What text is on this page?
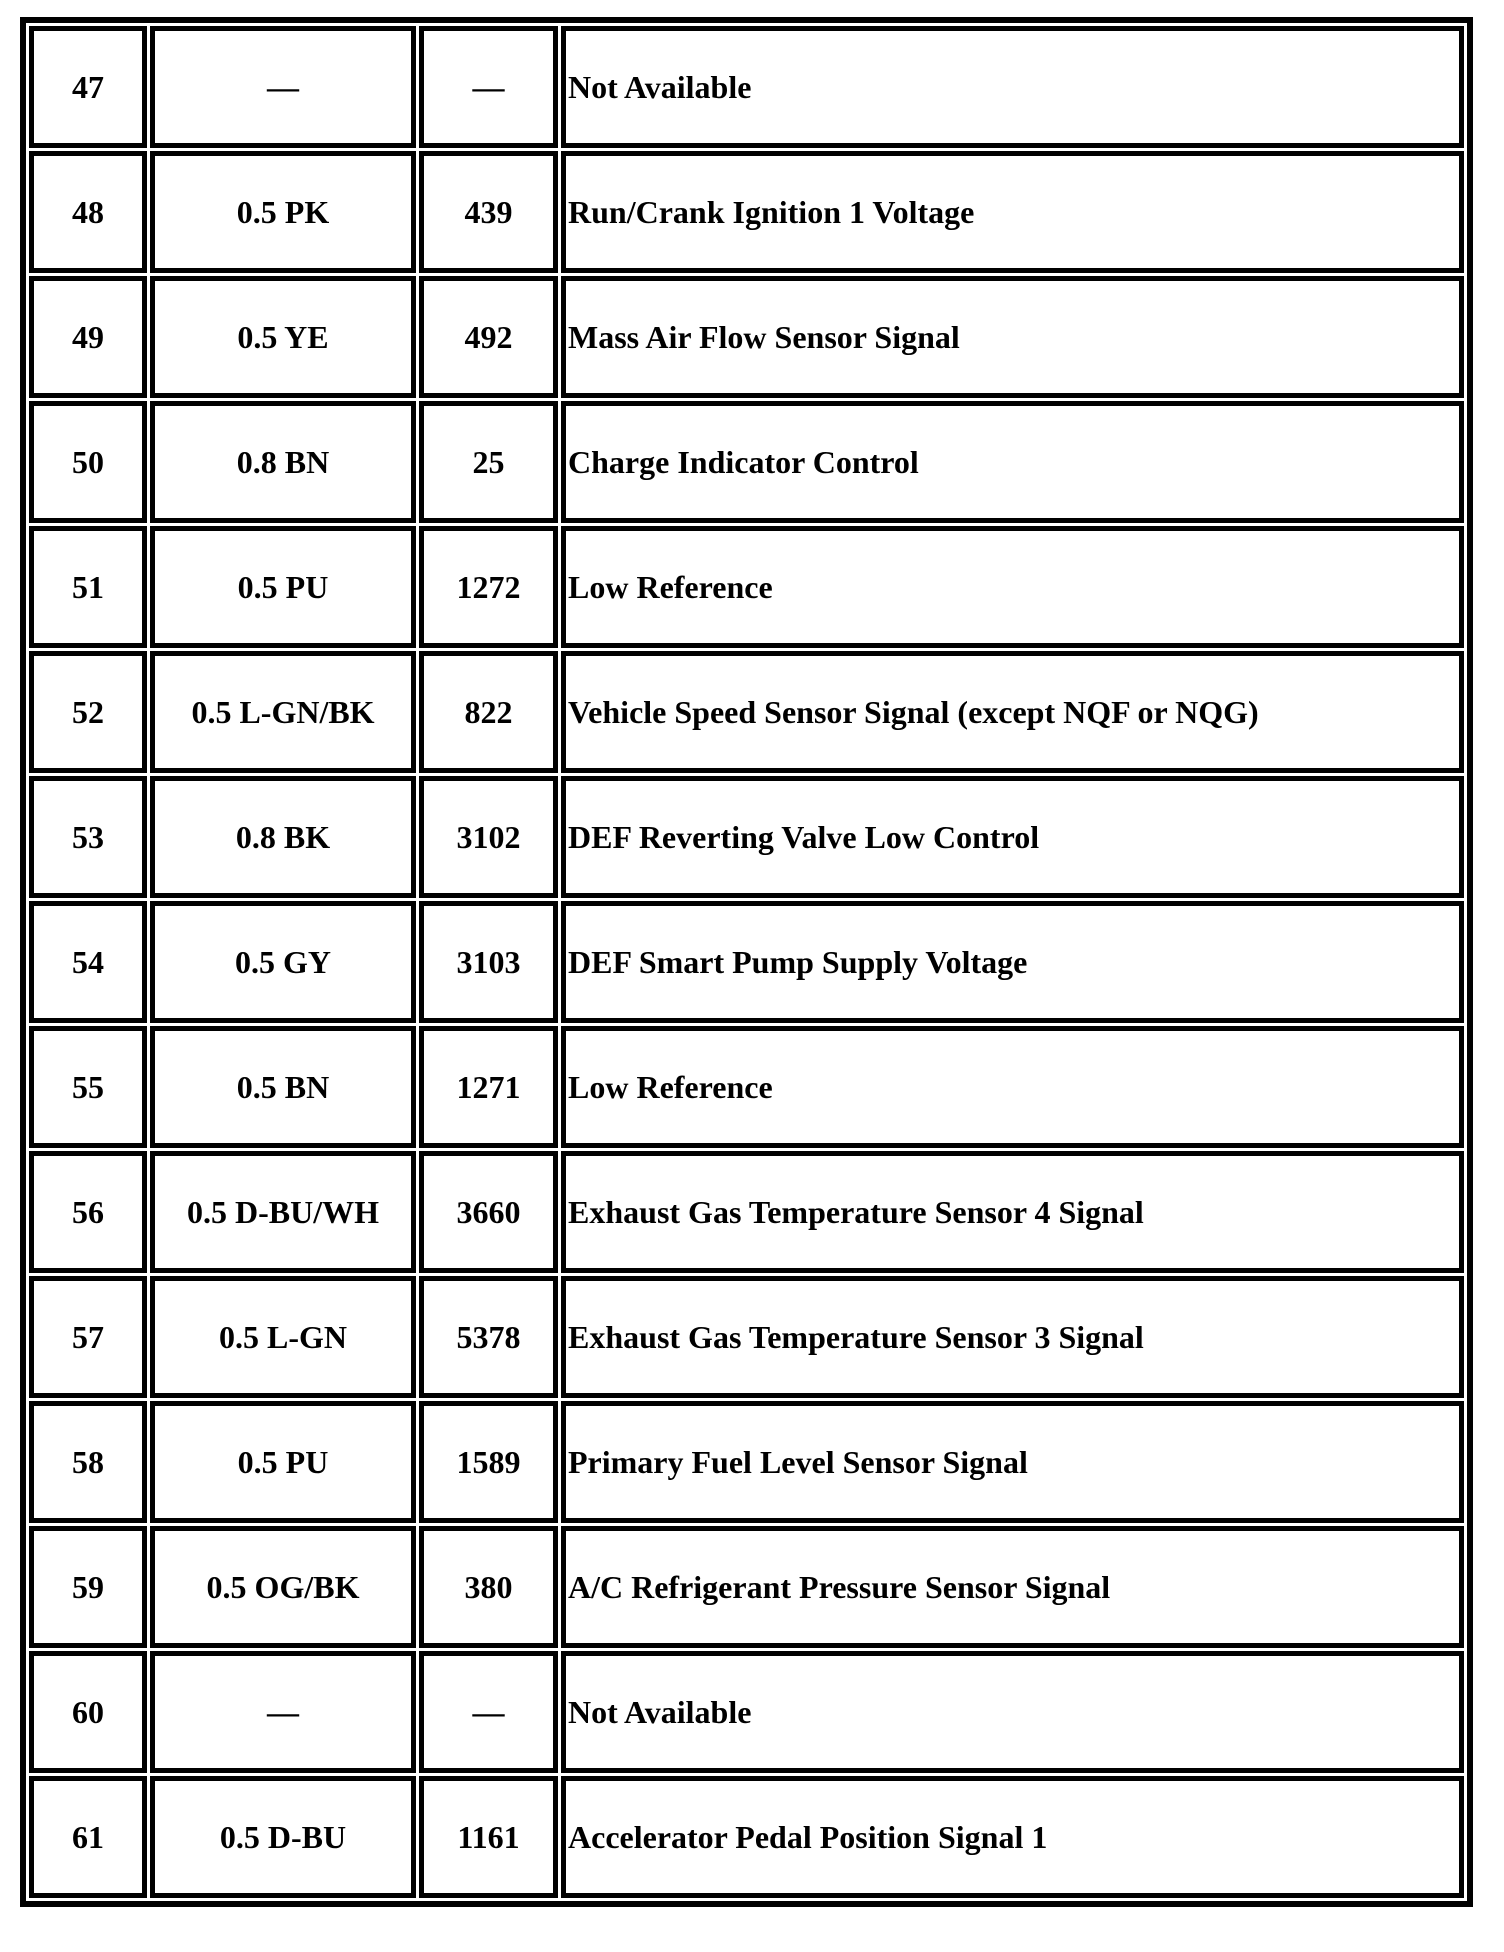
47	—	—	Not Available
48	0.5 PK	439	Run/Crank Ignition 1 Voltage
49	0.5 YE	492	Mass Air Flow Sensor Signal
50	0.8 BN	25	Charge Indicator Control
51	0.5 PU	1272	Low Reference
52	0.5 L-GN/BK	822	Vehicle Speed Sensor Signal (except NQF or NQG)
53	0.8 BK	3102	DEF Reverting Valve Low Control
54	0.5 GY	3103	DEF Smart Pump Supply Voltage
55	0.5 BN	1271	Low Reference
56	0.5 D-BU/WH	3660	Exhaust Gas Temperature Sensor 4 Signal
57	0.5 L-GN	5378	Exhaust Gas Temperature Sensor 3 Signal
58	0.5 PU	1589	Primary Fuel Level Sensor Signal
59	0.5 OG/BK	380	A/C Refrigerant Pressure Sensor Signal
60	—	—	Not Available
61	0.5 D-BU	1161	Accelerator Pedal Position Signal 1
